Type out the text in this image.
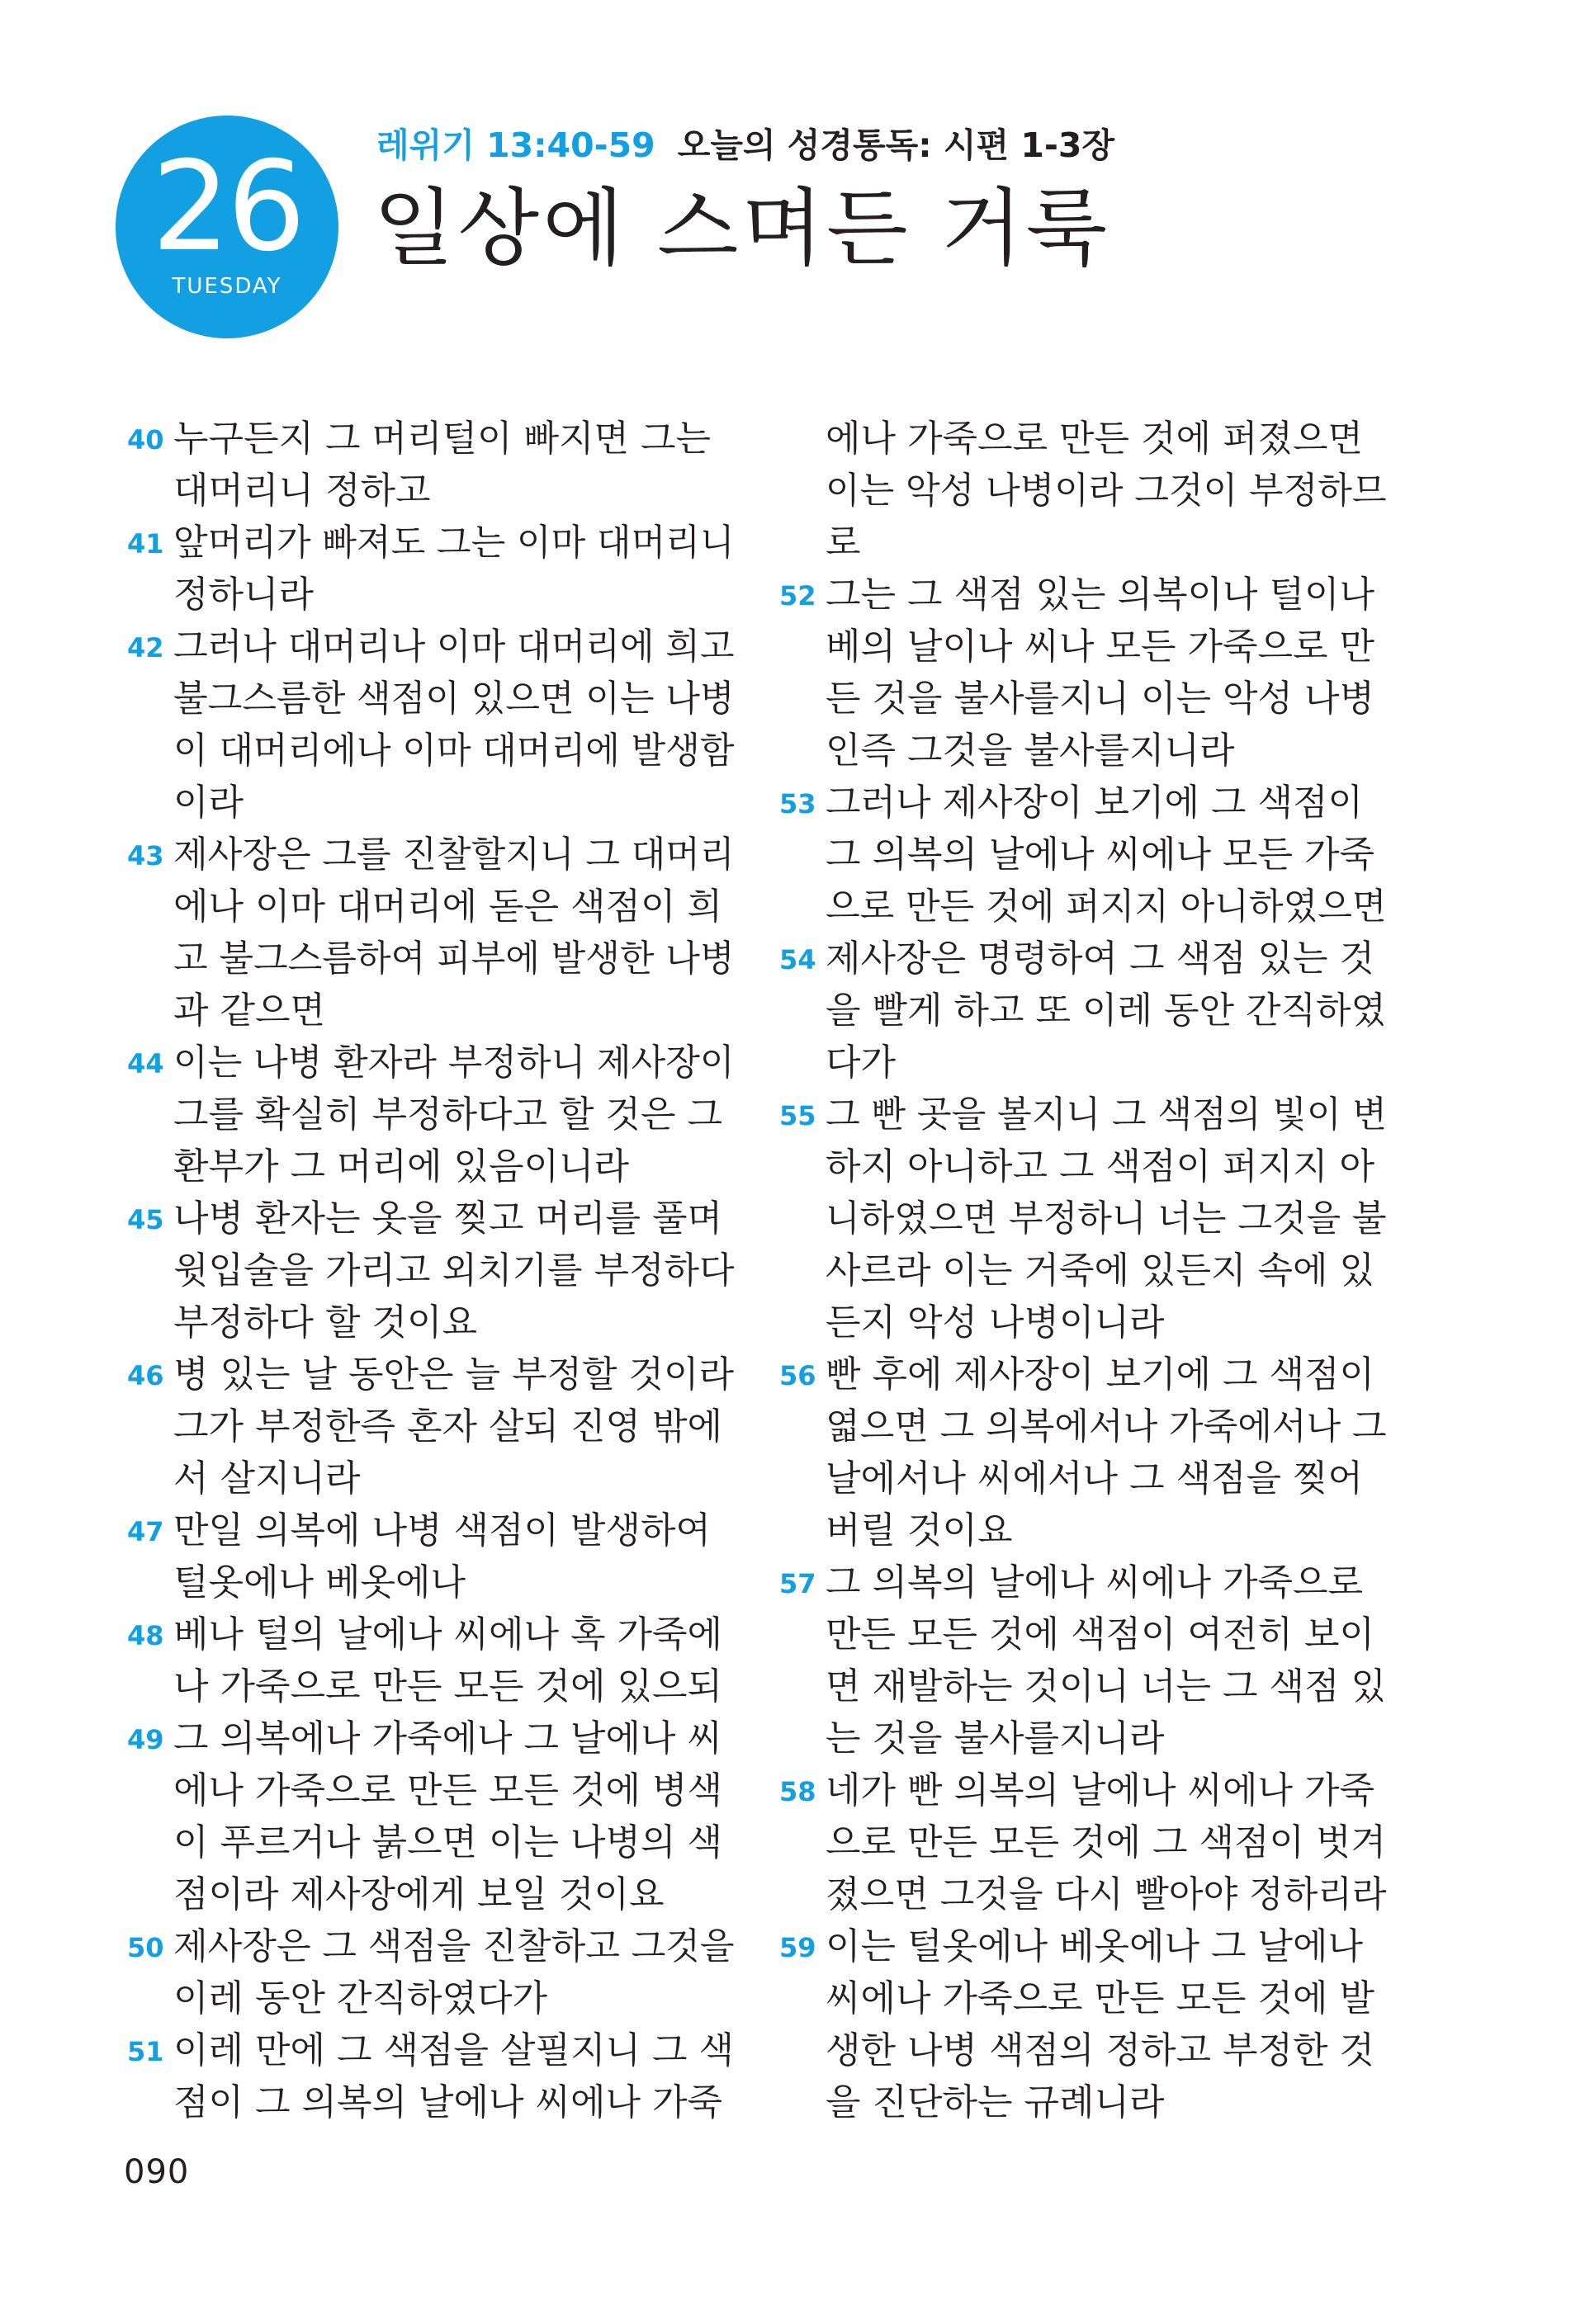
26
TUESDAY
레위기 13:40-59 오늘의 성경통독: 시편 1-3장
일상에 스며든 거룩
40 누구든지 그 머리털이 빠지면 그는
대머리니 정하고
41 앞머리가 빠져도 그는 이마 대머리니
정하니라
42 그러나 대머리나 이마 대머리에 희고
불그스름한 색점이 있으면 이는 나병
이 대머리에나 이마 대머리에 발생함
이라
43 제사장은 그를 진찰할지니 그 대머리
에나 이마 대머리에 돋은 색점이 희
고 불그스름하여 피부에 발생한 나병
과 같으면
44 이는 나병 환자라 부정하니 제사장이
그를 확실히 부정하다고 할 것은 그
환부가 그 머리에 있음이니라
45 나병 환자는 옷을 찢고 머리를 풀며
윗입술을 가리고 외치기를 부정하다
부정하다 할 것이요
46 병 있는 날 동안은 늘 부정할 것이라
그가 부정한즉 혼자 살되 진영 밖에
서 살지니라
47 만일 의복에 나병 색점이 발생하여
털옷에나 베옷에나
48 베나 털의 날에나 씨에나 혹 가죽에
나 가죽으로 만든 모든 것에 있으되
49 그 의복에나 가죽에나 그 날에나 씨
에나 가죽으로 만든 모든 것에 병색
이 푸르거나 붉으면 이는 나병의 색
점이라 제사장에게 보일 것이요
50 제사장은 그 색점을 진찰하고 그것을
이레 동안 간직하였다가
51 이레 만에 그 색점을 살필지니 그 색
점이 그 의복의 날에나 씨에나 가죽
에나 가죽으로 만든 것에 퍼졌으면
이는 악성 나병이라 그것이 부정하므
로
52 그는 그 색점 있는 의복이나 털이나
베의 날이나 씨나 모든 가죽으로 만
든 것을 불사를지니 이는 악성 나병
인즉 그것을 불사를지니라
53 그러나 제사장이 보기에 그 색점이
그 의복의 날에나 씨에나 모든 가죽
으로 만든 것에 퍼지지 아니하였으면
54 제사장은 명령하여 그 색점 있는 것
을 빨게 하고 또 이레 동안 간직하였
다가
55 그 빤 곳을 볼지니 그 색점의 빛이 변
하지 아니하고 그 색점이 퍼지지 아
니하였으면 부정하니 너는 그것을 불
사르라 이는 거죽에 있든지 속에 있
든지 악성 나병이니라
56 빤 후에 제사장이 보기에 그 색점이
엷으면 그 의복에서나 가죽에서나 그
날에서나 씨에서나 그 색점을 찢어
버릴 것이요
57 그 의복의 날에나 씨에나 가죽으로
만든 모든 것에 색점이 여전히 보이
면 재발하는 것이니 너는 그 색점 있
는 것을 불사를지니라
58 네가 빤 의복의 날에나 씨에나 가죽
으로 만든 모든 것에 그 색점이 벗겨
졌으면 그것을 다시 빨아야 정하리라
59 이는 털옷에나 베옷에나 그 날에나
씨에나 가죽으로 만든 모든 것에 발
생한 나병 색점의 정하고 부정한 것
을 진단하는 규례니라
090
